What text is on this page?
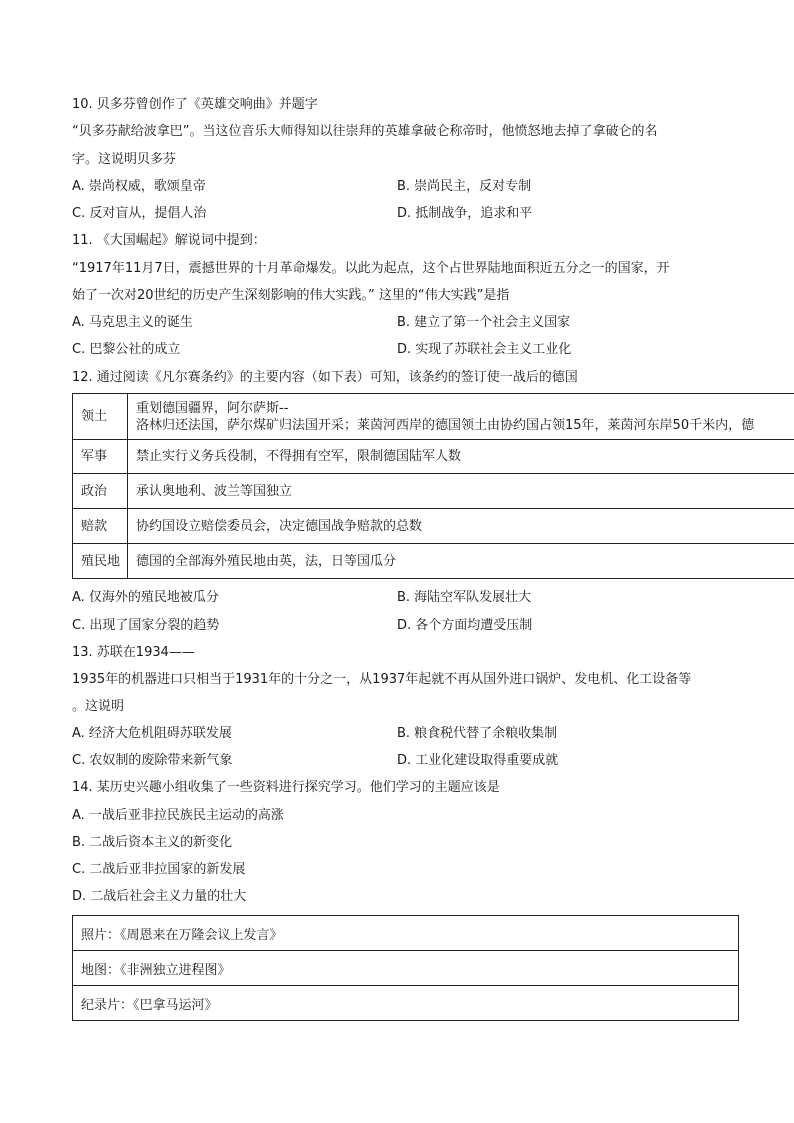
10. 贝多芬曾创作了《英雄交响曲》并题字
“贝多芬献给波拿巴”。当这位音乐大师得知以往崇拜的英雄拿破仑称帝时，他愤怒地去掉了拿破仑的名
字。这说明贝多芬
A. 崇尚权威，歌颂皇帝	B. 崇尚民主，反对专制
C. 反对盲从，提倡人治	D. 抵制战争，追求和平
11. 《大国崛起》解说词中提到：
“1917年11月7日，震撼世界的十月革命爆发。以此为起点，这个占世界陆地面积近五分之一的国家，开
始了一次对20世纪的历史产生深刻影响的伟大实践。” 这里的“伟大实践”是指
A. 马克思主义的诞生	B. 建立了第一个社会主义国家
C. 巴黎公社的成立	D. 实现了苏联社会主义工业化
12. 通过阅读《凡尔赛条约》的主要内容（如下表）可知，该条约的签订使一战后的德国
领土	重划德国疆界，阿尔萨斯--
洛林归还法国，萨尔煤矿归法国开采；莱茵河西岸的德国领土由协约国占领15年，莱茵河东岸50千米内，德

军事	禁止实行义务兵役制，不得拥有空军，限制德国陆军人数
政治	承认奥地利、波兰等国独立
赔款	协约国设立赔偿委员会，决定德国战争赔款的总数
殖民地	德国的全部海外殖民地由英，法，日等国瓜分
A. 仅海外的殖民地被瓜分	B. 海陆空军队发展壮大
C. 出现了国家分裂的趋势	D. 各个方面均遭受压制
13. 苏联在1934——
1935年的机器进口只相当于1931年的十分之一，从1937年起就不再从国外进口锅炉、发电机、化工设备等
。这说明
A. 经济大危机阻碍苏联发展	B. 粮食税代替了余粮收集制
C. 农奴制的废除带来新气象	D. 工业化建设取得重要成就
14. 某历史兴趣小组收集了一些资料进行探究学习。他们学习的主题应该是
A. 一战后亚非拉民族民主运动的高涨
B. 二战后资本主义的新变化
C. 二战后亚非拉国家的新发展
D. 二战后社会主义力量的壮大
照片：《周恩来在万隆会议上发言》
地图：《非洲独立进程图》
纪录片：《巴拿马运河》
